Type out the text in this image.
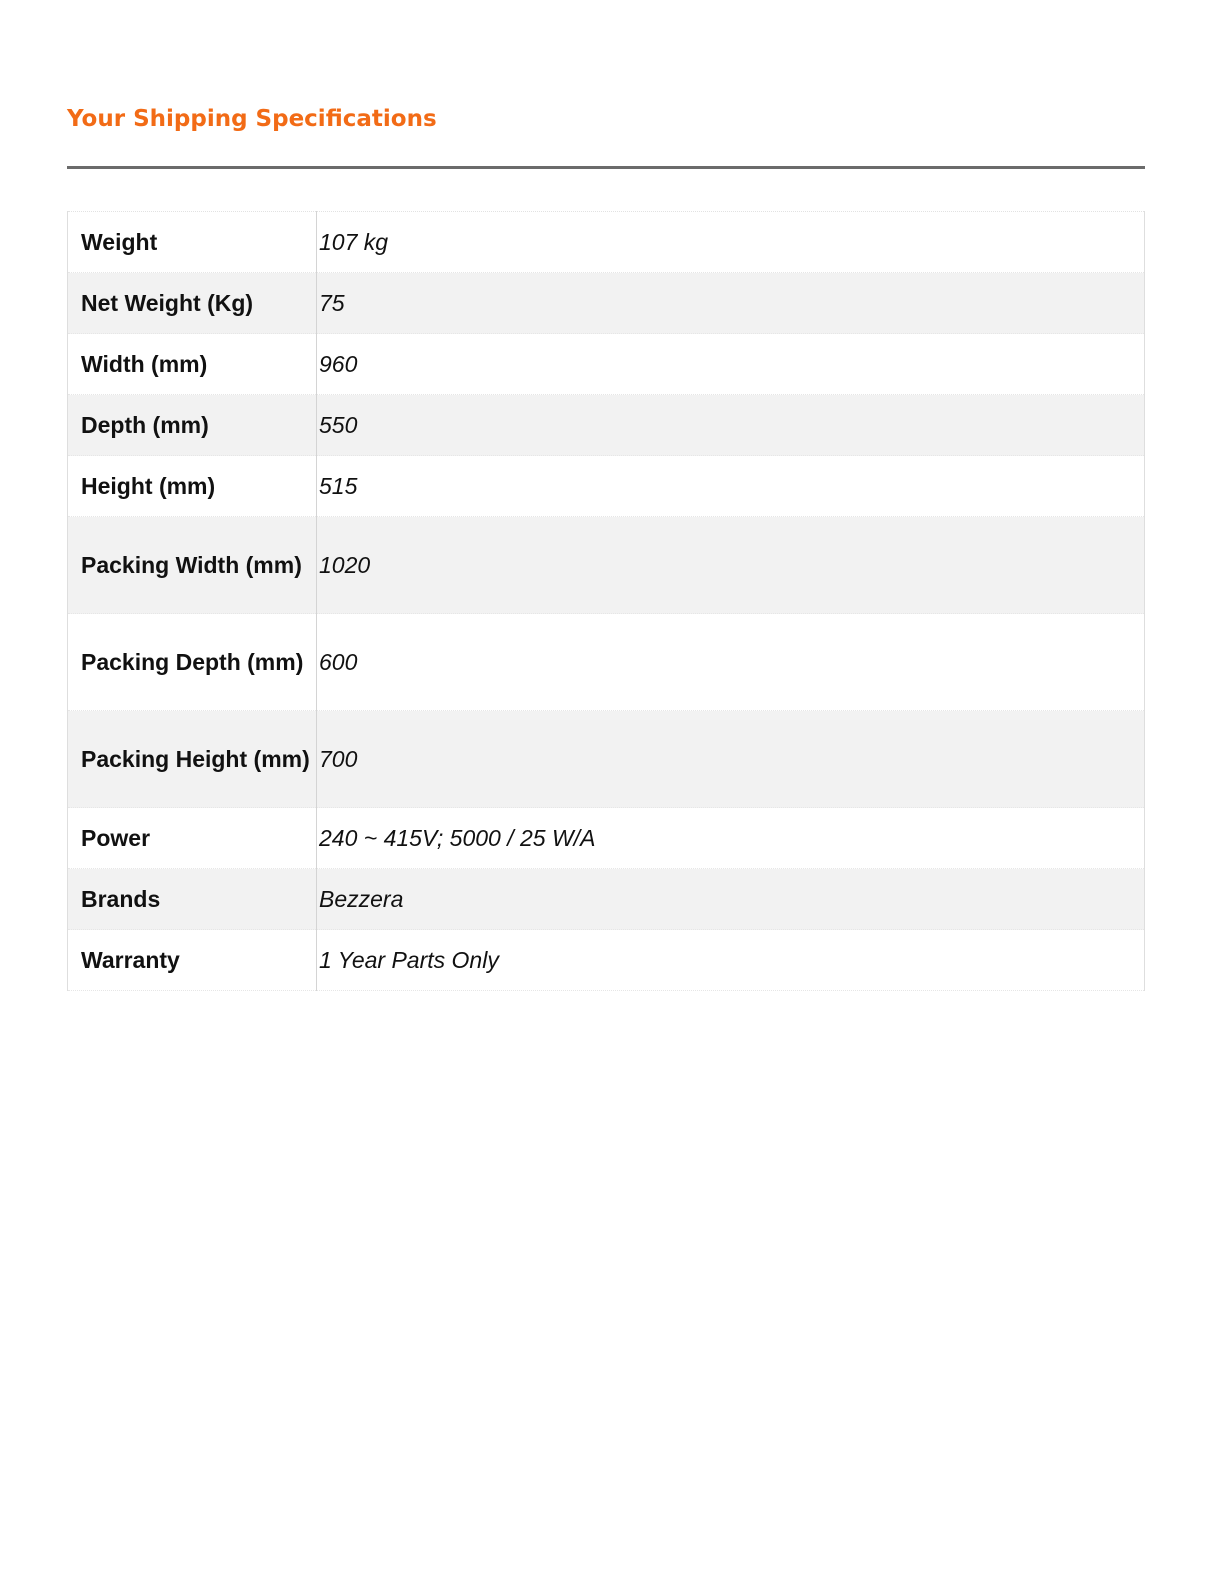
Your Shipping Specifications
Weight	107 kg
Net Weight (Kg)	75
Width (mm)	960
Depth (mm)	550
Height (mm)	515
Packing Width (mm)	1020
Packing Depth (mm)	600
Packing Height (mm)	700
Power	240 ~ 415V; 5000 / 25 W/A
Brands	Bezzera
Warranty	1 Year Parts Only
